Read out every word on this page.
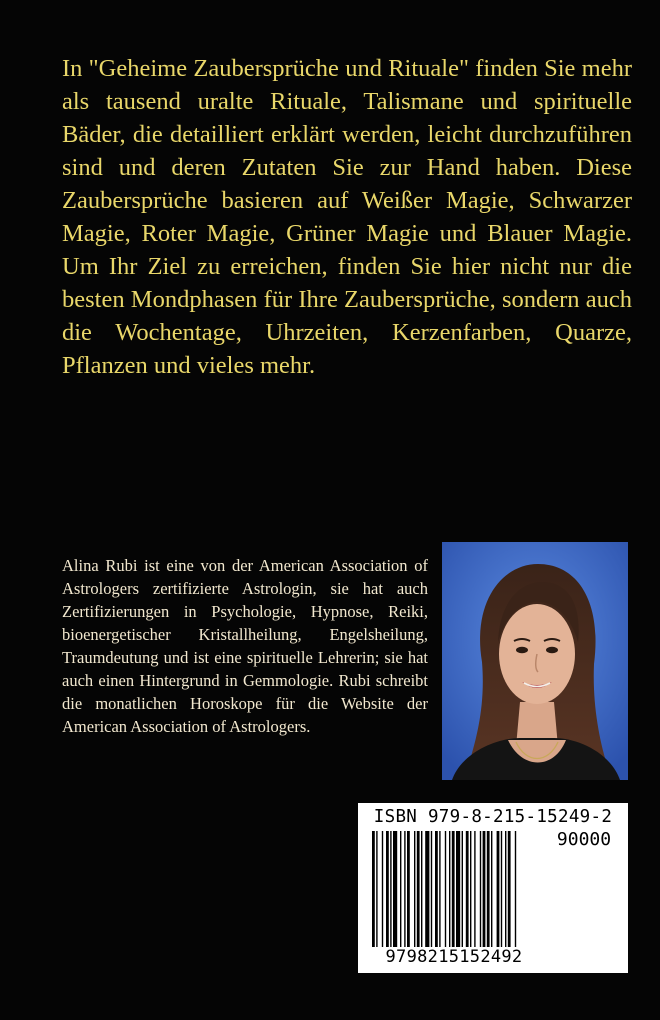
In "Geheime Zaubersprüche und Rituale" finden Sie mehr als tausend uralte Rituale, Talismane und spirituelle Bäder, die detailliert erklärt werden, leicht durchzuführen sind und deren Zutaten Sie zur Hand haben. Diese Zaubersprüche basieren auf Weißer Magie, Schwarzer Magie, Roter Magie, Grüner Magie und Blauer Magie. Um Ihr Ziel zu erreichen, finden Sie hier nicht nur die besten Mondphasen für Ihre Zaubersprüche, sondern auch die Wochentage, Uhrzeiten, Kerzenfarben, Quarze, Pflanzen und vieles mehr.

Alina Rubi ist eine von der American Association of Astrologers zertifizierte Astrologin, sie hat auch Zertifizierungen in Psychologie, Hypnose, Reiki, bioenergetischer Kristallheilung, Engelsheilung, Traumdeutung und ist eine spirituelle Lehrerin; sie hat auch einen Hintergrund in Gemmologie. Rubi schreibt die monatlichen Horoskope für die Website der American Association of Astrologers.

ISBN 979-8-215-15249-2
90000
9798215152492
